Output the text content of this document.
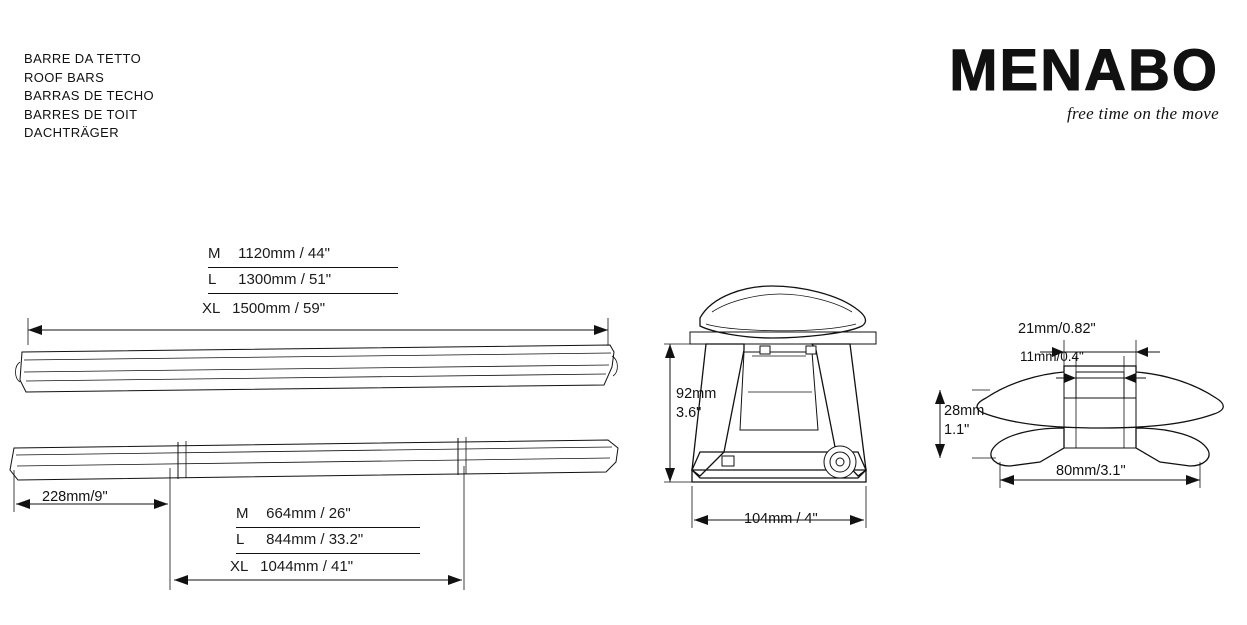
BARRE DA TETTO
ROOF BARS
BARRAS DE TECHO
BARRES DE TOIT
DACHTRÄGER
MENABO
free time on the move
M 1120mm / 44"
L 1300mm / 51"
XL 1500mm / 59"
228mm/9"
M 664mm / 26"
L 844mm / 33.2"
XL 1044mm / 41"
92mm
3.6"
104mm / 4"
21mm/0.82"
11mm/0.4"
28mm
1.1"
80mm/3.1"
